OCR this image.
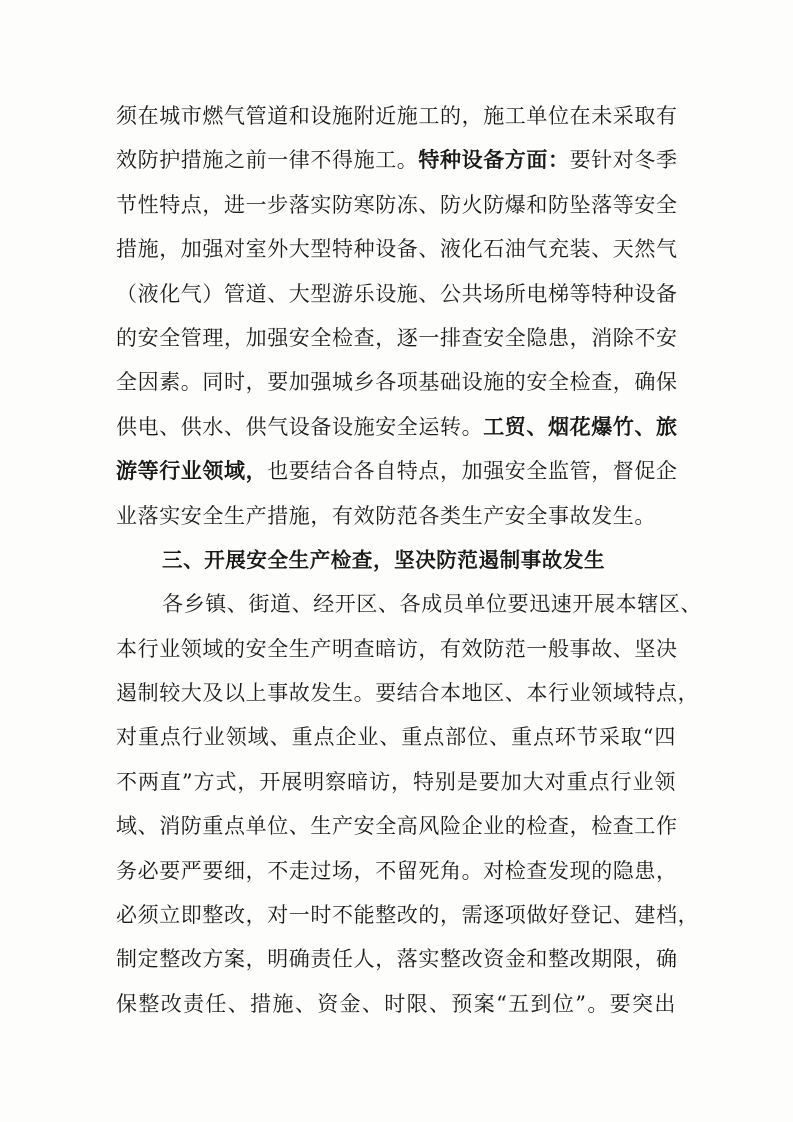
须在城市燃气管道和设施附近施工的，施工单位在未采取有
效防护措施之前一律不得施工。特种设备方面：要针对冬季
节性特点，进一步落实防寒防冻、防火防爆和防坠落等安全
措施，加强对室外大型特种设备、液化石油气充装、天然气
（液化气）管道、大型游乐设施、公共场所电梯等特种设备
的安全管理，加强安全检查，逐一排查安全隐患，消除不安
全因素。同时，要加强城乡各项基础设施的安全检查，确保
供电、供水、供气设备设施安全运转。工贸、烟花爆竹、旅
游等行业领域，也要结合各自特点，加强安全监管，督促企
业落实安全生产措施，有效防范各类生产安全事故发生。
三、开展安全生产检查，坚决防范遏制事故发生
各乡镇、街道、经开区、各成员单位要迅速开展本辖区、
本行业领域的安全生产明查暗访，有效防范一般事故、坚决
遏制较大及以上事故发生。要结合本地区、本行业领域特点，
对重点行业领域、重点企业、重点部位、重点环节采取“四
不两直”方式，开展明察暗访，特别是要加大对重点行业领
域、消防重点单位、生产安全高风险企业的检查，检查工作
务必要严要细，不走过场，不留死角。对检查发现的隐患，
必须立即整改，对一时不能整改的，需逐项做好登记、建档，
制定整改方案，明确责任人，落实整改资金和整改期限，确
保整改责任、措施、资金、时限、预案“五到位”。要突出
